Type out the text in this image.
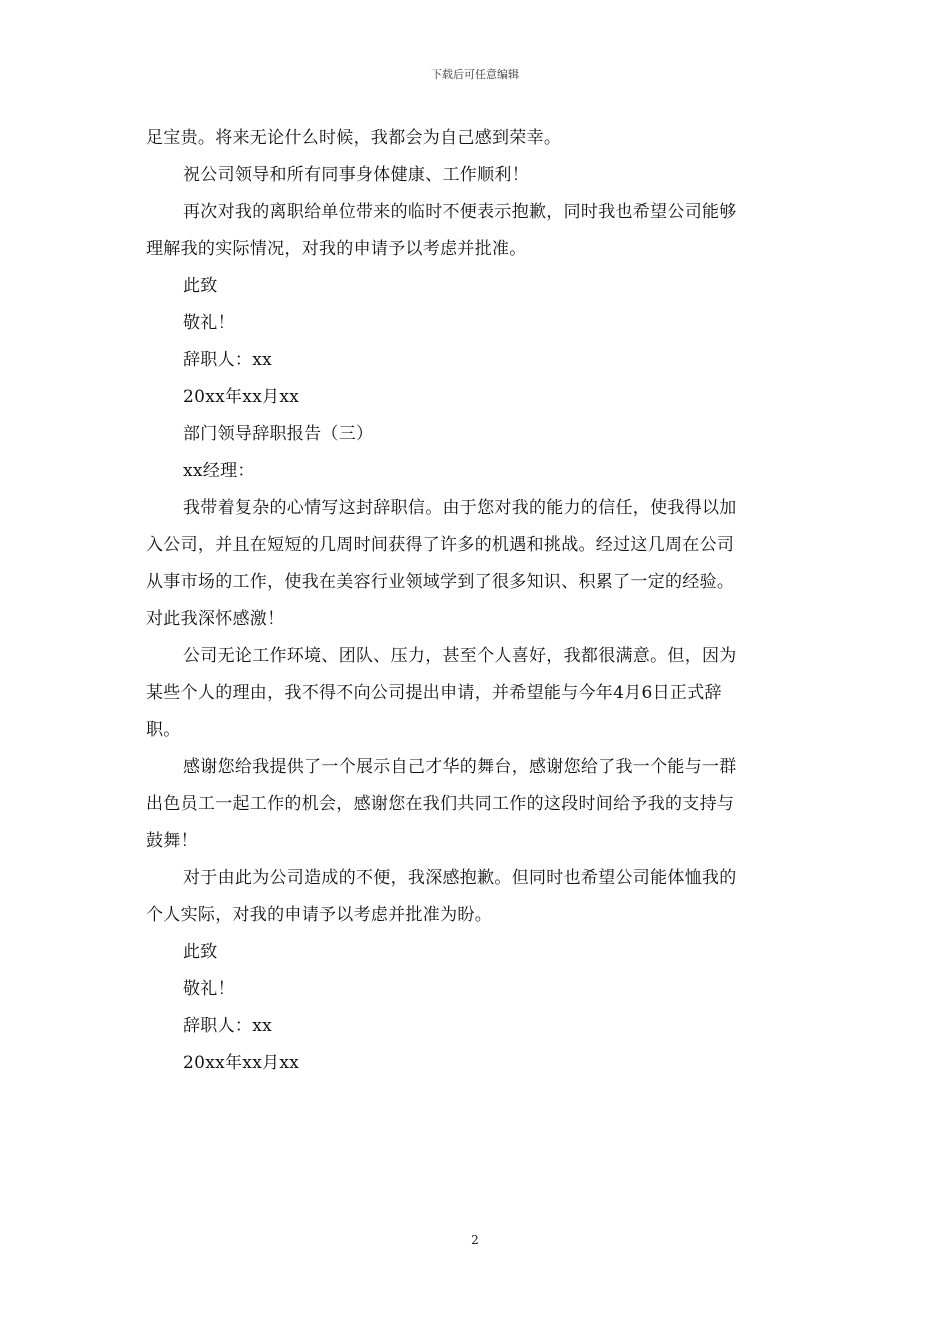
下载后可任意编辑
足宝贵。将来无论什么时候，我都会为自己感到荣幸。
祝公司领导和所有同事身体健康、工作顺利！
再次对我的离职给单位带来的临时不便表示抱歉，同时我也希望公司能够
理解我的实际情况，对我的申请予以考虑并批准。
此致
敬礼！
辞职人：xx
20xx年xx月xx
部门领导辞职报告（三）
xx经理：
我带着复杂的心情写这封辞职信。由于您对我的能力的信任，使我得以加
入公司，并且在短短的几周时间获得了许多的机遇和挑战。经过这几周在公司
从事市场的工作，使我在美容行业领域学到了很多知识、积累了一定的经验。
对此我深怀感激！
公司无论工作环境、团队、压力，甚至个人喜好，我都很满意。但，因为
某些个人的理由，我不得不向公司提出申请，并希望能与今年4月6日正式辞
职。
感谢您给我提供了一个展示自己才华的舞台，感谢您给了我一个能与一群
出色员工一起工作的机会，感谢您在我们共同工作的这段时间给予我的支持与
鼓舞！
对于由此为公司造成的不便，我深感抱歉。但同时也希望公司能体恤我的
个人实际，对我的申请予以考虑并批准为盼。
此致
敬礼！
辞职人：xx
20xx年xx月xx
2
